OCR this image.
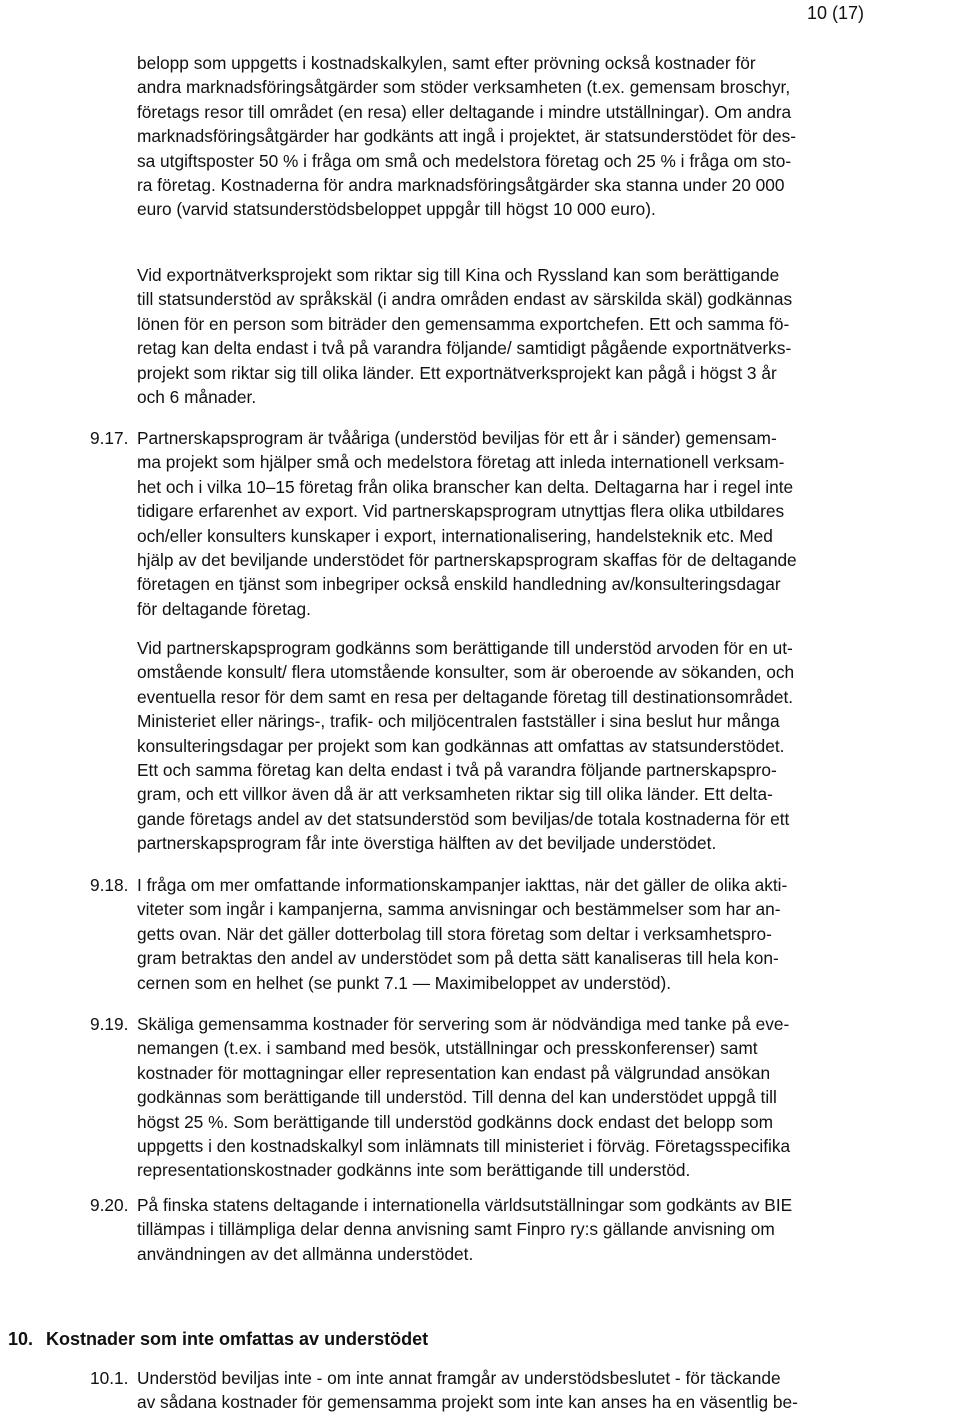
10 (17)

belopp som uppgetts i kostnadskalkylen, samt efter prövning också kostnader för
andra marknadsföringsåtgärder som stöder verksamheten (t.ex. gemensam broschyr,
företags resor till området (en resa) eller deltagande i mindre utställningar). Om andra
marknadsföringsåtgärder har godkänts att ingå i projektet, är statsunderstödet för des-
sa utgiftsposter 50 % i fråga om små och medelstora företag och 25 % i fråga om sto-
ra företag. Kostnaderna för andra marknadsföringsåtgärder ska stanna under 20 000
euro (varvid statsunderstödsbeloppet uppgår till högst 10 000 euro).

Vid exportnätverksprojekt som riktar sig till Kina och Ryssland kan som berättigande
till statsunderstöd av språkskäl (i andra områden endast av särskilda skäl) godkännas
lönen för en person som biträder den gemensamma exportchefen. Ett och samma fö-
retag kan delta endast i två på varandra följande/ samtidigt pågående exportnätverks-
projekt som riktar sig till olika länder. Ett exportnätverksprojekt kan pågå i högst 3 år
och 6 månader.

9.17. Partnerskapsprogram är tvååriga (understöd beviljas för ett år i sänder) gemensam-
ma projekt som hjälper små och medelstora företag att inleda internationell verksam-
het och i vilka 10–15 företag från olika branscher kan delta. Deltagarna har i regel inte
tidigare erfarenhet av export. Vid partnerskapsprogram utnyttjas flera olika utbildares
och/eller konsulters kunskaper i export, internationalisering, handelsteknik etc. Med
hjälp av det beviljande understödet för partnerskapsprogram skaffas för de deltagande
företagen en tjänst som inbegriper också enskild handledning av/konsulteringsdagar
för deltagande företag.
Vid partnerskapsprogram godkänns som berättigande till understöd arvoden för en ut-
omstående konsult/ flera utomstående konsulter, som är oberoende av sökanden, och
eventuella resor för dem samt en resa per deltagande företag till destinationsområdet.
Ministeriet eller närings-, trafik- och miljöcentralen fastställer i sina beslut hur många
konsulteringsdagar per projekt som kan godkännas att omfattas av statsunderstödet.
Ett och samma företag kan delta endast i två på varandra följande partnerskapspro-
gram, och ett villkor även då är att verksamheten riktar sig till olika länder. Ett delta-
gande företags andel av det statsunderstöd som beviljas/de totala kostnaderna för ett
partnerskapsprogram får inte överstiga hälften av det beviljade understödet.
9.18. I fråga om mer omfattande informationskampanjer iakttas, när det gäller de olika akti-
viteter som ingår i kampanjerna, samma anvisningar och bestämmelser som har an-
getts ovan. När det gäller dotterbolag till stora företag som deltar i verksamhetspro-
gram betraktas den andel av understödet som på detta sätt kanaliseras till hela kon-
cernen som en helhet (se punkt 7.1 — Maximibeloppet av understöd).
9.19. Skäliga gemensamma kostnader för servering som är nödvändiga med tanke på eve-
nemangen (t.ex. i samband med besök, utställningar och presskonferenser) samt
kostnader för mottagningar eller representation kan endast på välgrundad ansökan
godkännas som berättigande till understöd. Till denna del kan understödet uppgå till
högst 25 %. Som berättigande till understöd godkänns dock endast det belopp som
uppgetts i den kostnadskalkyl som inlämnats till ministeriet i förväg. Företagsspecifika
representationskostnader godkänns inte som berättigande till understöd.
9.20. På finska statens deltagande i internationella världsutställningar som godkänts av BIE
tillämpas i tillämpliga delar denna anvisning samt Finpro ry:s gällande anvisning om
användningen av det allmänna understödet.
10. Kostnader som inte omfattas av understödet
10.1. Understöd beviljas inte - om inte annat framgår av understödsbeslutet - för täckande
av sådana kostnader för gemensamma projekt som inte kan anses ha en väsentlig be-
